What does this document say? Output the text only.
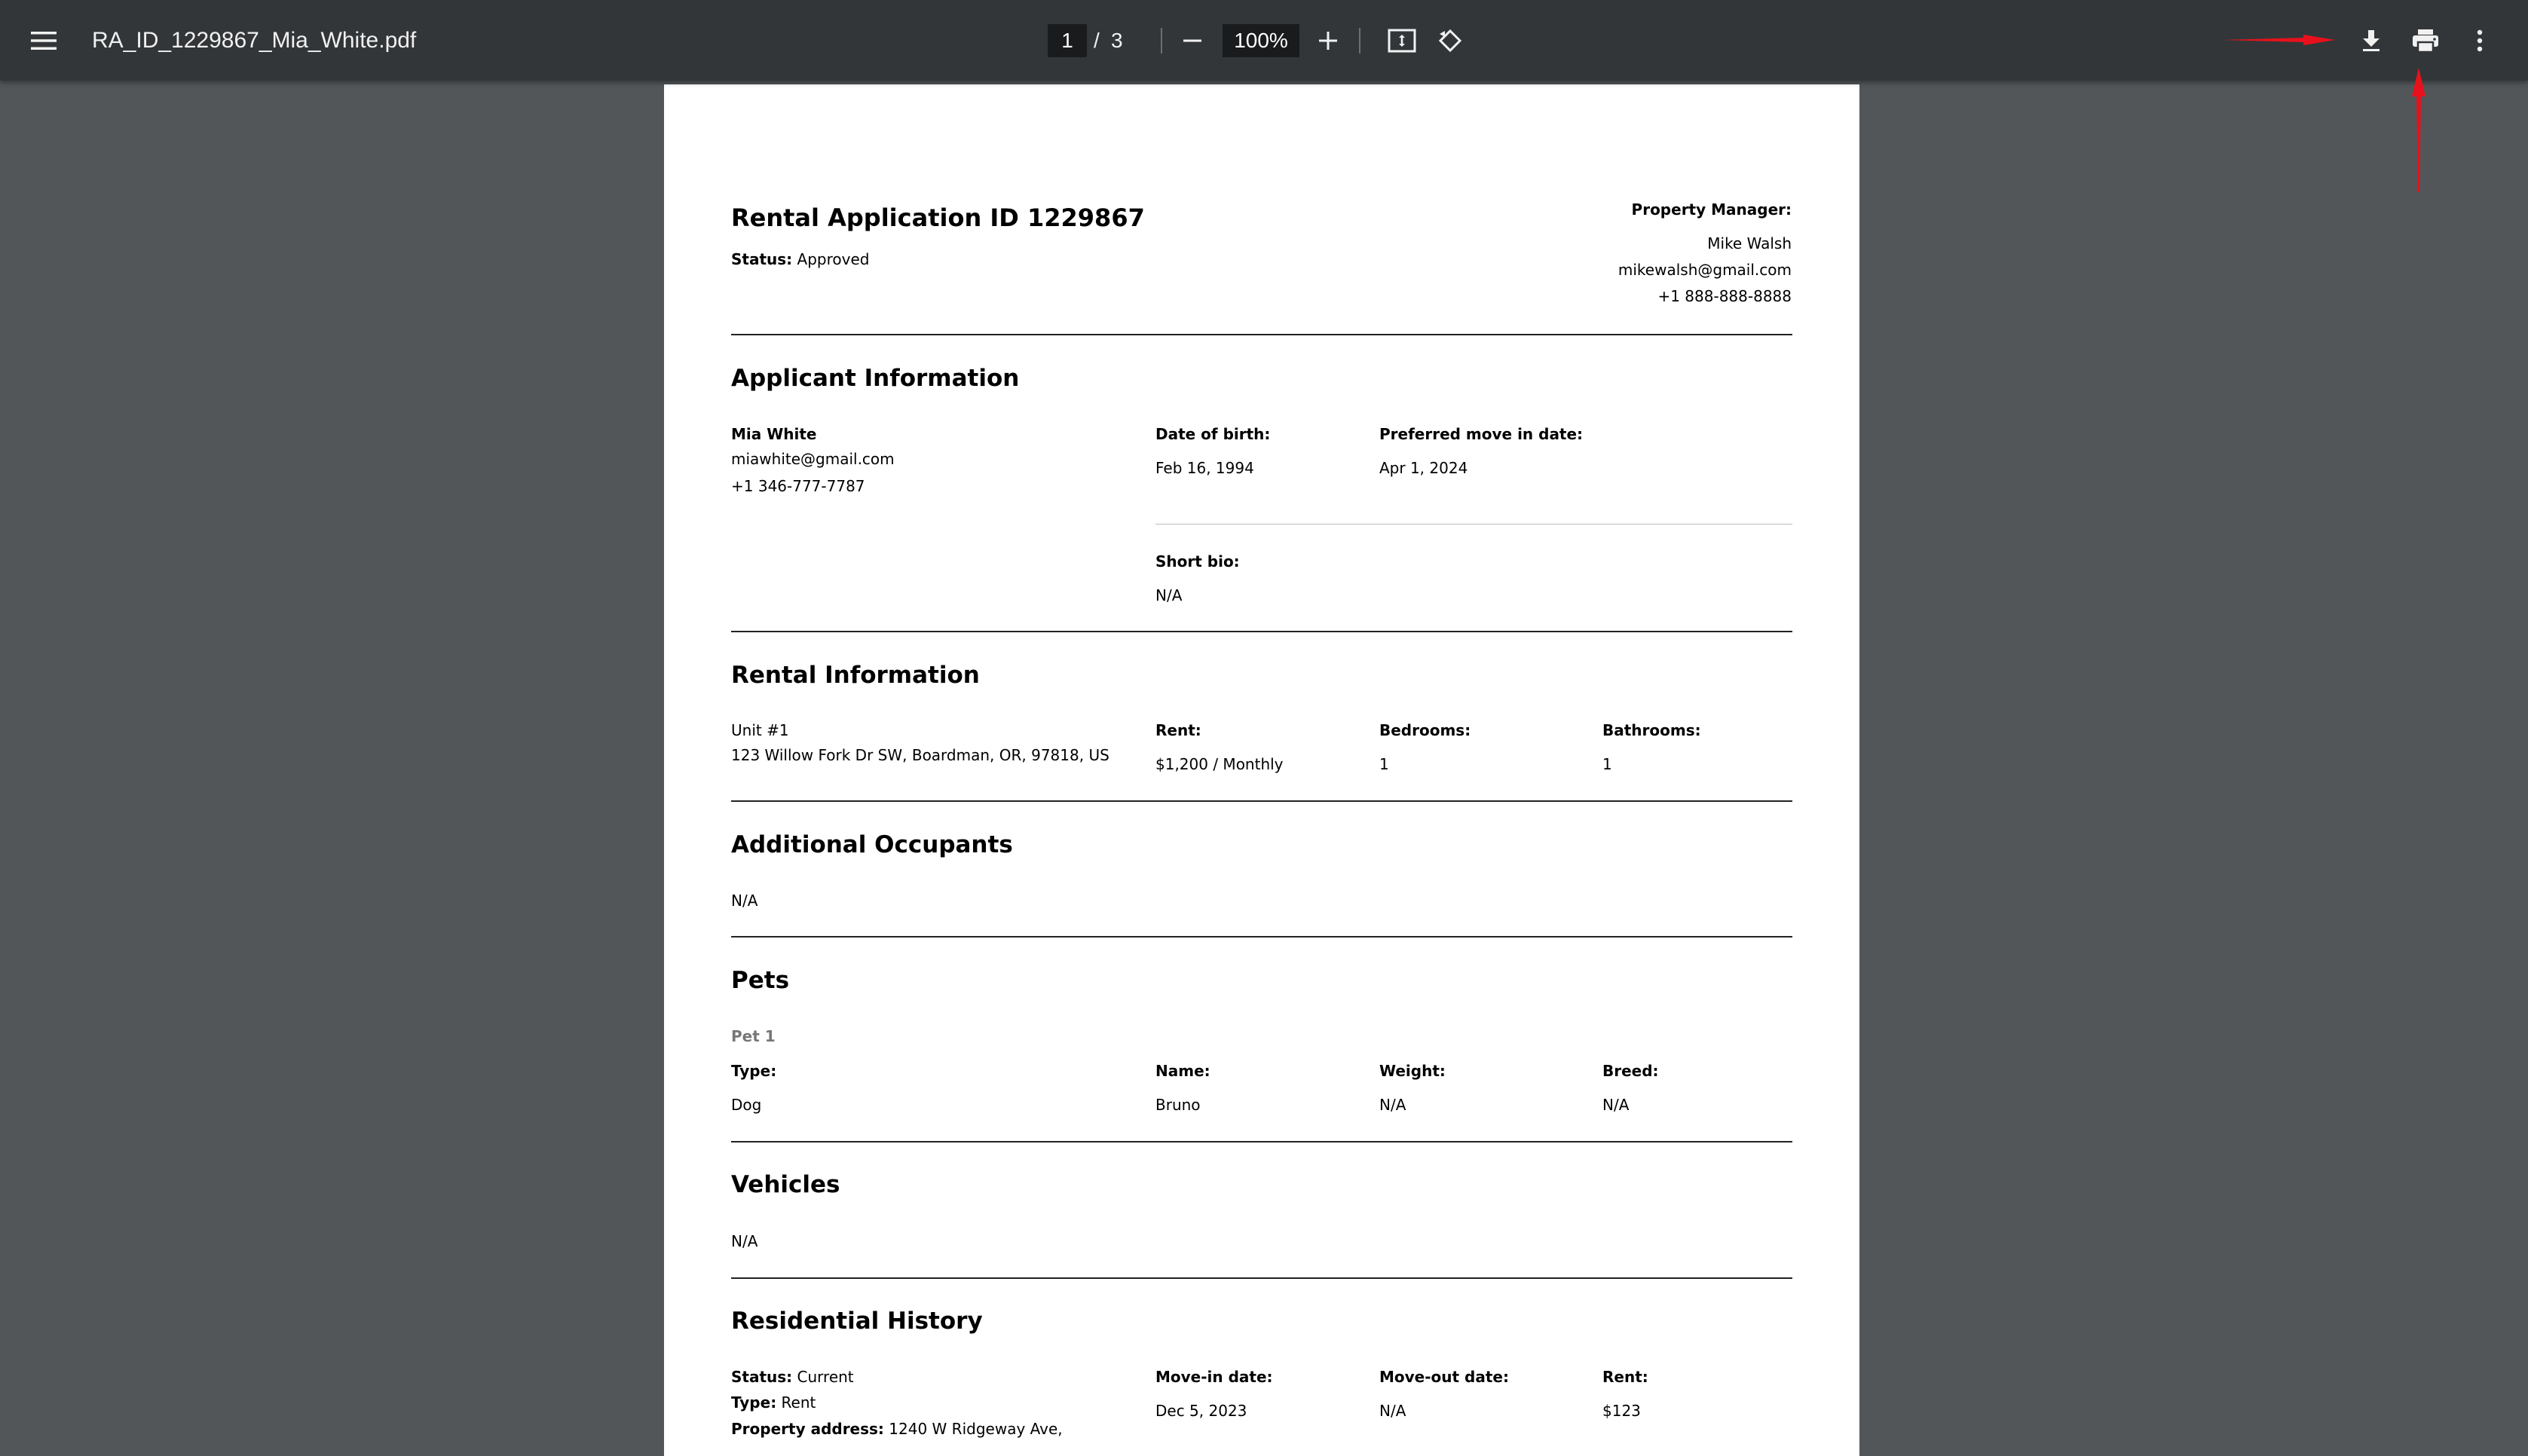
RA_ID_1229867_Mia_White.pdf	1 / 3	100%
Rental Application ID 1229867
Status: Approved
Property Manager:
Mike Walsh
mikewalsh@gmail.com
+1 888-888-8888
Applicant Information
Mia White
miawhite@gmail.com
+1 346-777-7787
Date of birth:
Feb 16, 1994
Preferred move in date:
Apr 1, 2024
Short bio:
N/A
Rental Information
Unit #1
123 Willow Fork Dr SW, Boardman, OR, 97818, US
Rent:
$1,200 / Monthly
Bedrooms:
1
Bathrooms:
1
Additional Occupants
N/A
Pets
Pet 1
Type:
Dog
Name:
Bruno
Weight:
N/A
Breed:
N/A
Vehicles
N/A
Residential History
Status: Current
Type: Rent
Property address: 1240 W Ridgeway Ave,
Move-in date:
Dec 5, 2023
Move-out date:
N/A
Rent:
$123
